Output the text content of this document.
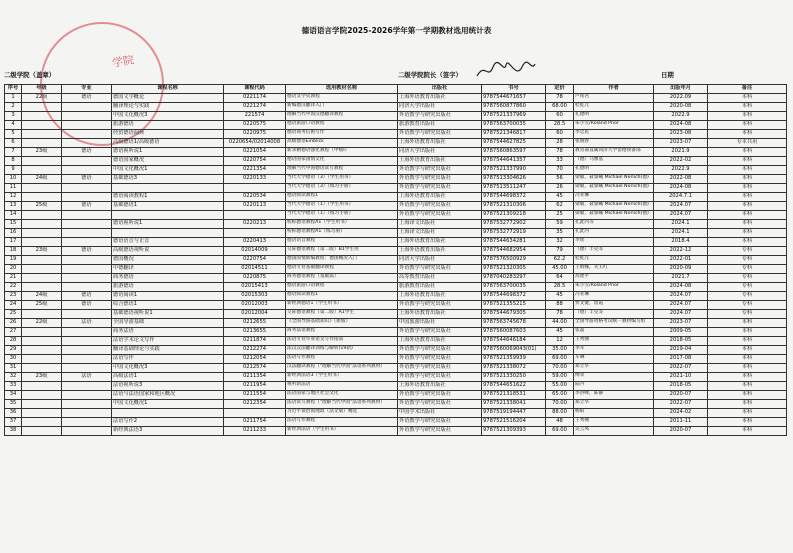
学院
德语语言学院2025-2026学年第一学期教材选用统计表
二级学院（盖章）	二级学院院长（签字）	日期
序号	年级	专业	课程名称	课程代码	选用教材名称	出版社	书号	定价	作者	出版年月	备注
1	22级	德语	德国文学概论	0221174	德语文学史教程	上海外语教育出版社	9787544671657	78	卢铭君	2022.09	本科
2			翻译理论与实践	0221274	新编德汉翻译入门	同济大学出版社	9787560877860	68.00	桂乾元	2020-08	本科
3			中国文化概况3	221574	理解当代中国汉德翻译教程	外语教学与研究出版社	9787521337969	60	孔德明	2022.9	本科
4			旅游德语	0220575	德语旅游口语教程	旅游教育出版社	9787563700035	28.5	朱小雪/Roland Prior	2024-08	本科
5			经贸德语阅读	0220975	德语商务信函写作	外语教学与研究出版社	9787521346817	60	李忠民	2023-08	本科
6			高级德语1/高级德语	0220654/02014008	高级德语Einblick	上海外语教育出版社	9787544627825	28	张晓春	2023-07	专本共用
7	23级	德语	德语视听说1	0221054	新求精德语强化教程（中级I）	同济大学出版社	9787560863597	78	教育部直属同济大学留德预备部	2021.9	本科
8			德语国家概况	0220754	德语国家国情文化	上海外语教育出版社	9787544641357	33	（德）马雅基	2022-02	本科
9			中国文化概况1	0221354	理解当代中国德语读写教程	外语教学与研究出版社	9787521337990	70	孔德明	2022.9	本科
10	24级	德语	基础德语3	0220133	当代大学德语（3）（学生用书）	外语教学与研究出版社	9787513304626	56	梁敏，聂黎曦 Michael Nerlich(德)	2022-08	本科
11					当代大学德语（3）（练习手册）	外语教学与研究出版社	9787513511247	26	梁敏，聂黎曦 Michael Nerlich(德)	2024-08	本科
12			德语阅读教程1	0220534	德语阅读教程1	上海外语教育出版社	9787544698372	45	冯亚琳	2024.7.1	本科
13	25级	德语	基础德语1	0220113	当代大学德语（1）（学生用书）	外语教学与研究出版社	9787521310306	62	梁敏，聂黎曦 Michael Nerlich(德)	2024.07	本科
14					当代大学德语（1）（练习手册）	外语教学与研究出版社	9787521309218	25	梁敏，聂黎曦 Michael Nerlich(德)	2024.07	本科
15			德语视听说1	0220213	校标德语教程A1（学生用书）	上海译文出版社	9787532772902	59	孔此内等	2024.1	本科
16					校标德语教程A1（练习册）	上海译文出版社	9787532772919	35	孔此内	2024.1	本科
17			德语语音与正音	0220413	德语语音教程	上海外语教育出版社	9787544634281	32	李瑶	2018.4	本科
18	23级	德语	高级德语视听说	02014009	交际德语教程（第二版）B1学生用	上海外语教育出版社	9787544682954	79	（德）丰克等	2022-12	专科
19			德国概况	0220754	德国国情新编教程：德国概况入门	同济大学出版社	9787576500929	62.2	桂乾元	2022-01	专科
20			中德翻译	02014511	德语专业基础翻译教程	外语教学与研究出版社	9787521320305	45.00	王炳娜，关玉红	2020-09	专科
21			商务德语	0220875	商务德语教程（基础篇）	高等教育出版社	9787040283297	64	高建平	2021.7	专科
22			旅游德语	02015413	德语旅游口语教程	旅游教育出版社	9787563700035	28.5	朱小雪/Roland Prior	2024-08	专科
23	24级	德语	德语阅读1	02015303	德语阅读教程1	上海外语教育出版社	9787544698372	45	冯亚琳	2024.07	专科
24	25级	德语	综合德语1	02012003	新经典德语1（学生用书）	外语教学与研究出版社	9787521355215	88	贾文键，詹霞	2024.07	专科
25			基础德语视听说1	02012004	交际德语教程（第二版）A1学生	上海外语教育出版社	9787544679305	78	（德）丰克等	2024.07	专科
26	22级	法语	全国导游基础	0212655	《全国导游基础知识》（新版）	中国旅游出版社	9787563745678	44.00	全国导游资格考试统一教材编写组	2023-07	本科
27			商务法语	0213655	商务法语教程	外语教学与研究出版社	9787560087603	45	张晶	2009-05	本科
28			法语学术论文写作	0211874	法语专业毕业论文写作指南	上海外语教育出版社	9787544646184	12	王秀丽	2018-05	本科
29			翻译基础理论与实践	0212274	法汉汉法翻译训练与解析(19新)	外语教学与研究出版社	9787560069043(01)	35.00	李军	2019-04	本科
30			法语写作	0212054	法语写作教程	外语教学与研究出版社	9787521359939	69.00	车琳	2017-08	本科
31			中国文化概况3	0212574	汉法翻译教程（"理解当代中国"法语系列教材）	外语教学与研究出版社	9787521338072	70.00	郑立华	2022-07	本科
32	23级	法语	高级法语1	0211354	新经典法语3（学生用书）	外语教学与研究出版社	9787521330250	59.00	傅荣	2021-10	本科
33			法语视听说3	0211954	视听新法语	上海外语教育出版社	9787544651622	55.00	陆丹	2018-05	本科
34			法语与法语国家和地区概况	0211554	法语国家与地区社会文化	外语教学与研究出版社	9787521318531	65.00	李洪峰，陈静	2020-07	本科
35			中国文化概况1	0212354	法语读写教程（"理解当代中国"法语系列教材）	外语教学与研究出版社	9787521338041	70.00	郑立华	2022-07	本科
36					习近平谈治国理政（法文版）精选	中国学术出版社	9787519194447	88.00	杨阳	2024-02	本科
37			法语写作2	0211754	法语写作教程	外语教学与研究出版社	9787521516204	48	王秀丽	2011-11	本科
38			新经典法语3	0211233	新经典法语（学生用书）	外语教学与研究出版社	9787521309393	69.00	吴云凤	2020-07	本科
